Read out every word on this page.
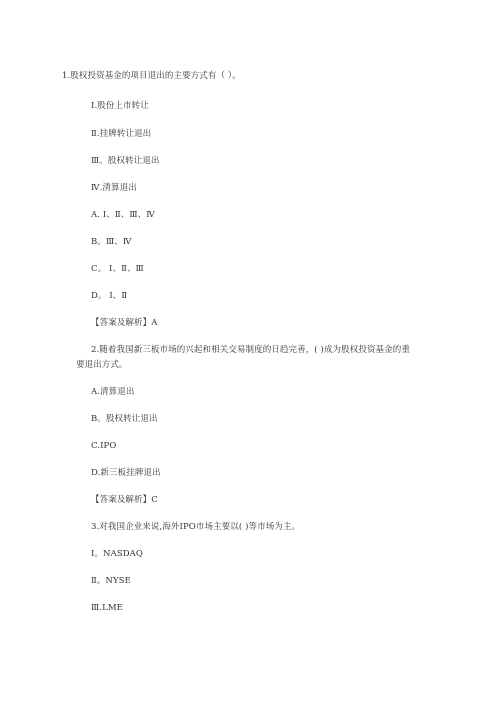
1.股权投资基金的项目退出的主要方式有（ ）。
Ⅰ.股份上市转让
Ⅱ.挂牌转让退出
Ⅲ。股权转让退出
Ⅳ.清算退出
A. Ⅰ、Ⅱ、Ⅲ、Ⅳ
B。Ⅲ、Ⅳ
C。 Ⅰ、Ⅱ、Ⅲ
D。 Ⅰ、Ⅱ
【答案及解析】A
2.随着我国新三板市场的兴起和相关交易制度的日趋完善，( )成为股权投资基金的重
要退出方式。
A.清算退出
B。股权转让退出
C.IPO
D.新三板挂牌退出
【答案及解析】C
3.对我国企业来说,海外IPO市场主要以( )等市场为主。
Ⅰ。NASDAQ
Ⅱ。NYSE
Ⅲ.LME
